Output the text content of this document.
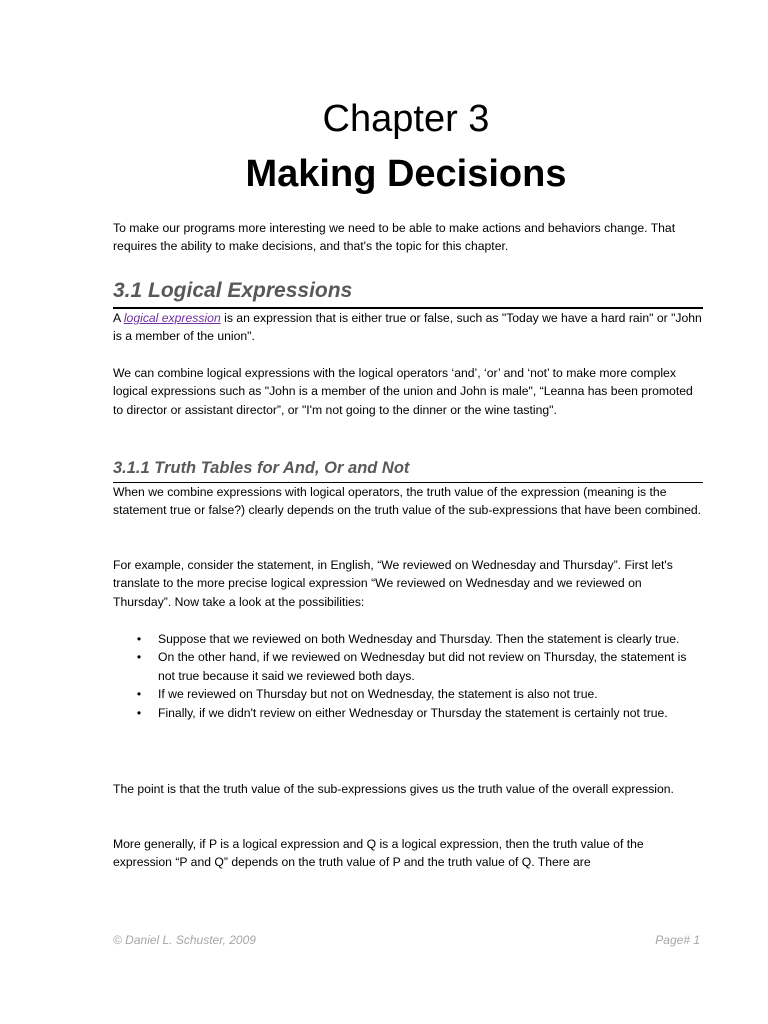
Chapter 3
Making Decisions

To make our programs more interesting we need to be able to make actions and behaviors change. That requires the ability to make decisions, and that's the topic for this chapter.

3.1 Logical Expressions

A logical expression is an expression that is either true or false, such as "Today we have a hard rain" or "John is a member of the union".

We can combine logical expressions with the logical operators ‘and’, ‘or’ and ‘not’ to make more complex logical expressions such as "John is a member of the union and John is male", “Leanna has been promoted to director or assistant director”, or "I'm not going to the dinner or the wine tasting".

3.1.1 Truth Tables for And, Or and Not

When we combine expressions with logical operators, the truth value of the expression (meaning is the statement true or false?) clearly depends on the truth value of the sub-expressions that have been combined.

For example, consider the statement, in English, “We reviewed on Wednesday and Thursday”. First let's translate to the more precise logical expression “We reviewed on Wednesday and we reviewed on Thursday”. Now take a look at the possibilities:

• Suppose that we reviewed on both Wednesday and Thursday. Then the statement is clearly true.
• On the other hand, if we reviewed on Wednesday but did not review on Thursday, the statement is not true because it said we reviewed both days.
• If we reviewed on Thursday but not on Wednesday, the statement is also not true.
• Finally, if we didn't review on either Wednesday or Thursday the statement is certainly not true.

The point is that the truth value of the sub-expressions gives us the truth value of the overall expression.

More generally, if P is a logical expression and Q is a logical expression, then the truth value of the expression “P and Q” depends on the truth value of P and the truth value of Q. There are

© Daniel L. Schuster, 2009	Page# 1
